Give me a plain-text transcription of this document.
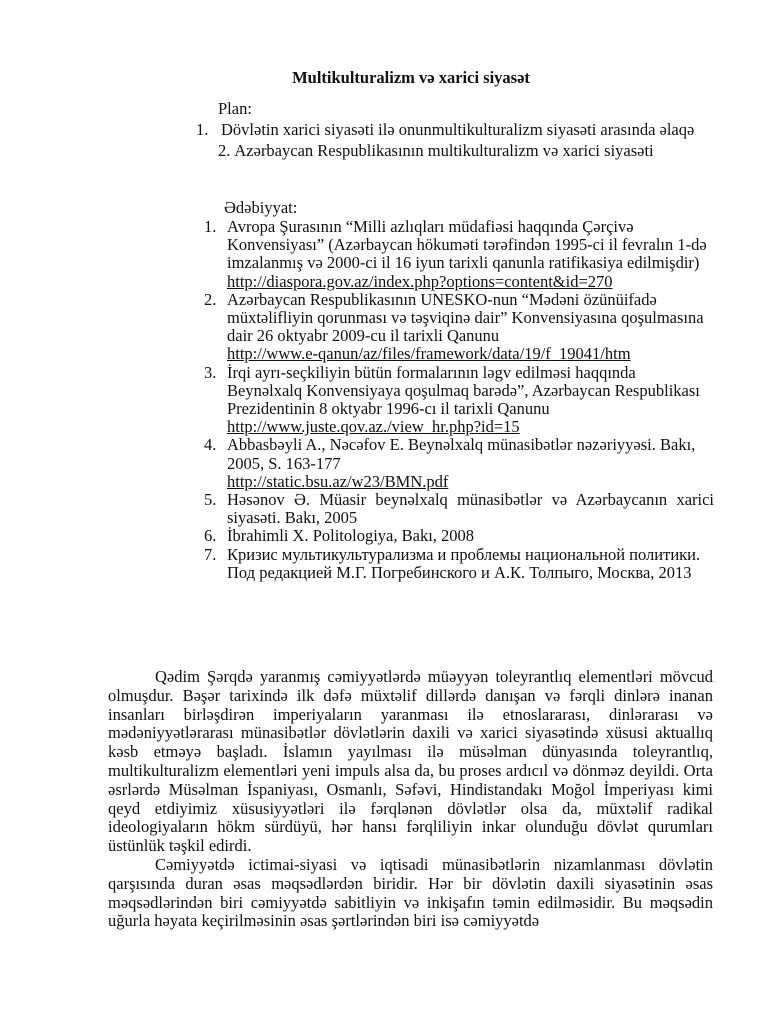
Multikulturalizm və xarici siyasət
Plan:
1. Dövlətin xarici siyasəti ilə onunmultikulturalizm siyasəti arasında əlaqə
2. Azərbaycan Respublikasının multikulturalizm və xarici siyasəti
Ədəbiyyat:
1. Avropa Şurasının “Milli azlıqları müdafiəsi haqqında Çərçivə Konvensiyası” (Azərbaycan hökuməti tərəfindən 1995-ci il fevralın 1-də imzalanmış və 2000-ci il 16 iyun tarixli qanunla ratifikasiya edilmişdir)
http://diaspora.gov.az/index.php?options=content&id=270
2. Azərbaycan Respublikasının UNESKO-nun “Mədəni özünüifadə müxtəlifliyin qorunması və təşviqinə dair” Konvensiyasına qoşulmasına dair 26 oktyabr 2009-cu il tarixli Qanunu
http://www.e-qanun/az/files/framework/data/19/f_19041/htm
3. İrqi ayrı-seçkiliyin bütün formalarının ləgv edilməsi haqqında Beynəlxalq Konvensiyaya qoşulmaq barədə”, Azərbaycan Respublikası Prezidentinin 8 oktyabr 1996-cı il tarixli Qanunu
http://www.juste.qov.az./view_hr.php?id=15
4. Abbasbəyli A., Nəcəfov E. Beynəlxalq münasibətlər nəzəriyyəsi. Bakı, 2005, S. 163-177
http://static.bsu.az/w23/BMN.pdf
5. Həsənov Ə. Müasir beynəlxalq münasibətlər və Azərbaycanın xarici siyasəti. Bakı, 2005
6. İbrahimli X. Politologiya, Bakı, 2008
7. Кризис мультикультурализма и проблемы национальной политики. Под редакцией М.Г. Погребинского и А.К. Толпыго, Москва, 2013

Qədim Şərqdə yaranmış cəmiyyətlərdə müəyyən toleyrantlıq elementləri mövcud olmuşdur. Bəşər tarixində ilk dəfə müxtəlif dillərdə danışan və fərqli dinlərə inanan insanları birləşdirən imperiyaların yaranması ilə etnoslararası, dinlərarası və mədəniyyətlərarası münasibətlər dövlətlərin daxili və xarici siyasətində xüsusi aktuallıq kəsb etməyə başladı. İslamın yayılması ilə müsəlman dünyasında toleyrantlıq, multikulturalizm elementləri yeni impuls alsa da, bu proses ardıcıl və dönməz deyildi. Orta əsrlərdə Müsəlman İspaniyası, Osmanlı, Səfəvi, Hindistandakı Moğol İmperiyası kimi qeyd etdiyimiz xüsusiyyətləri ilə fərqlənən dövlətlər olsa da, müxtəlif radikal ideologiyaların hökm sürdüyü, hər hansı fərqliliyin inkar olunduğu dövlət qurumları üstünlük təşkil edirdi.

Cəmiyyətdə ictimai-siyasi və iqtisadi münasibətlərin nizamlanması dövlətin qarşısında duran əsas məqsədlərdən biridir. Hər bir dövlətin daxili siyasətinin əsas məqsədlərindən biri cəmiyyətdə sabitliyin və inkişafın təmin edilməsidir. Bu məqsədin uğurla həyata keçirilməsinin əsas şərtlərindən biri isə cəmiyyətdə
